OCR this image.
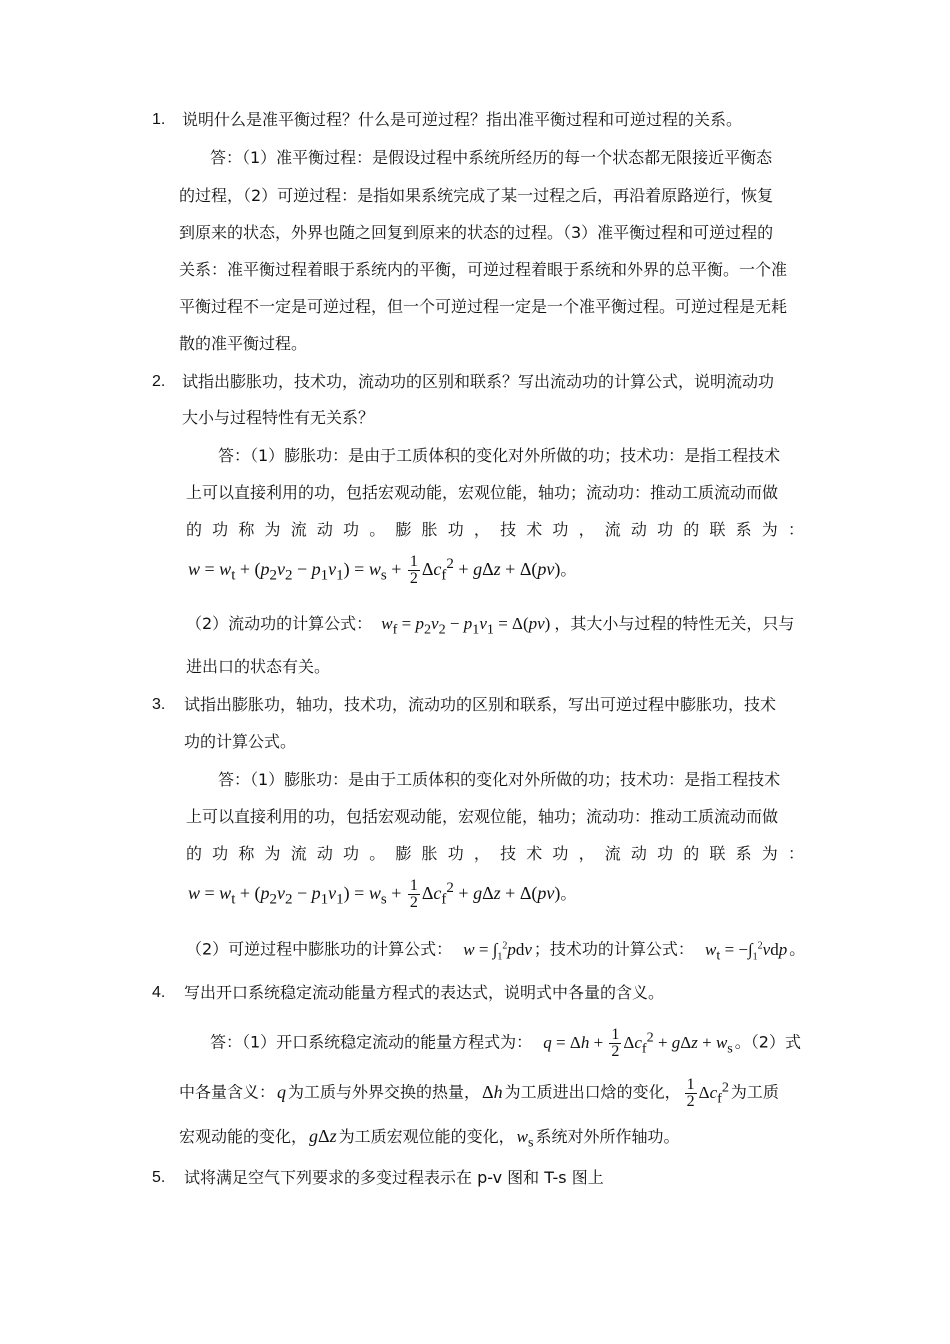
1. 说明什么是准平衡过程？什么是可逆过程？指出准平衡过程和可逆过程的关系。
答：（1）准平衡过程：是假设过程中系统所经历的每一个状态都无限接近平衡态
的过程，（2）可逆过程：是指如果系统完成了某一过程之后，再沿着原路逆行，恢复
到原来的状态，外界也随之回复到原来的状态的过程。（3）准平衡过程和可逆过程的
关系：准平衡过程着眼于系统内的平衡，可逆过程着眼于系统和外界的总平衡。一个准
平衡过程不一定是可逆过程，但一个可逆过程一定是一个准平衡过程。可逆过程是无耗
散的准平衡过程。
2. 试指出膨胀功，技术功，流动功的区别和联系？写出流动功的计算公式，说明流动功
大小与过程特性有无关系？
答：（1）膨胀功：是由于工质体积的变化对外所做的功；技术功：是指工程技术
上可以直接利用的功，包括宏观动能，宏观位能，轴功；流动功：推动工质流动而做
的 功 称 为 流 动 功 。 膨 胀 功 ， 技 术 功 ， 流 动 功 的 联 系 为 ：
$w = w_t + (p_2v_2 - p_1v_1) = w_s + \frac{1}{2} \Delta c_f^2 + g\Delta z + \Delta(pv)$。
（2）流动功的计算公式： $w_f = p_2v_2 - p_1v_1 = \Delta(pv)$ ，其大小与过程的特性无关，只与
进出口的状态有关。
3. 试指出膨胀功，轴功，技术功，流动功的区别和联系，写出可逆过程中膨胀功，技术
功的计算公式。
答：（1）膨胀功：是由于工质体积的变化对外所做的功；技术功：是指工程技术
上可以直接利用的功，包括宏观动能，宏观位能，轴功；流动功：推动工质流动而做
的 功 称 为 流 动 功 。 膨 胀 功 ， 技 术 功 ， 流 动 功 的 联 系 为 ：
$w = w_t + (p_2v_2 - p_1v_1) = w_s + \frac{1}{2} \Delta c_f^2 + g\Delta z + \Delta(pv)$。
（2）可逆过程中膨胀功的计算公式： $w = \int_1^2pdv$ ；技术功的计算公式： $w_t = -\int_1^2vdp$ 。
4. 写出开口系统稳定流动能量方程式的表达式，说明式中各量的含义。
答：（1）开口系统稳定流动的能量方程式为： $q = \Delta h + \frac{1}{2} \Delta c_f^2 + g\Delta z + w_s$ 。（2）式
中各量含义： q 为工质与外界交换的热量， Δh 为工质进出口焓的变化， $\frac{1}{2} \Delta c_f^2$ 为工质
宏观动能的变化， gΔz 为工质宏观位能的变化， $w_s$ 系统对外所作轴功。
5. 试将满足空气下列要求的多变过程表示在 p-v 图和 T-s 图上
